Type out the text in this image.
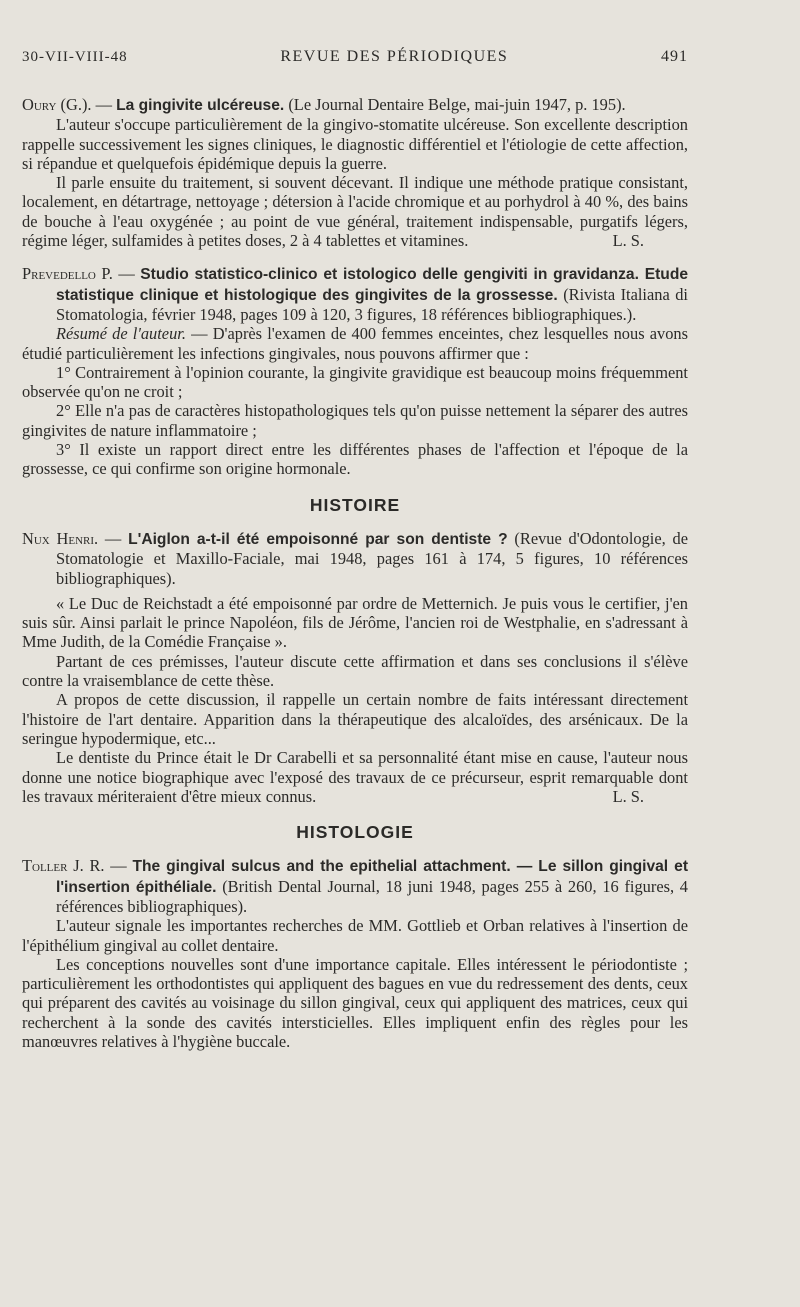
30-VII-VIII-48	REVUE DES PÉRIODIQUES	491

Oury (G.). — La gingivite ulcéreuse. (Le Journal Dentaire Belge, mai-juin 1947, p. 195).

L'auteur s'occupe particulièrement de la gingivo-stomatite ulcéreuse. Son excellente description rappelle successivement les signes cliniques, le diagnostic différentiel et l'étiologie de cette affection, si répandue et quelquefois épidémique depuis la guerre.

Il parle ensuite du traitement, si souvent décevant. Il indique une méthode pratique consistant, localement, en détartrage, nettoyage ; détersion à l'acide chromique et au porhydrol à 40 %, des bains de bouche à l'eau oxygénée ; au point de vue général, traitement indispensable, purgatifs légers, régime léger, sulfamides à petites doses, 2 à 4 tablettes et vitamines.	L. S.

Prevedello P. — Studio statistico-clinico et istologico delle gengiviti in gravidanza. Etude statistique clinique et histologique des gingivites de la grossesse. (Rivista Italiana di Stomatologia, février 1948, pages 109 à 120, 3 figures, 18 références bibliographiques.).

Résumé de l'auteur. — D'après l'examen de 400 femmes enceintes, chez lesquelles nous avons étudié particulièrement les infections gingivales, nous pouvons affirmer que :

1° Contrairement à l'opinion courante, la gingivite gravidique est beaucoup moins fréquemment observée qu'on ne croit ;

2° Elle n'a pas de caractères histopathologiques tels qu'on puisse nettement la séparer des autres gingivites de nature inflammatoire ;

3° Il existe un rapport direct entre les différentes phases de l'affection et l'époque de la grossesse, ce qui confirme son origine hormonale.

HISTOIRE

Nux Henri. — L'Aiglon a-t-il été empoisonné par son dentiste ? (Revue d'Odontologie, de Stomatologie et Maxillo-Faciale, mai 1948, pages 161 à 174, 5 figures, 10 références bibliographiques).

« Le Duc de Reichstadt a été empoisonné par ordre de Metternich. Je puis vous le certifier, j'en suis sûr. Ainsi parlait le prince Napoléon, fils de Jérôme, l'ancien roi de Westphalie, en s'adressant à Mme Judith, de la Comédie Française ».

Partant de ces prémisses, l'auteur discute cette affirmation et dans ses conclusions il s'élève contre la vraisemblance de cette thèse.

A propos de cette discussion, il rappelle un certain nombre de faits intéressant directement l'histoire de l'art dentaire. Apparition dans la thérapeutique des alcaloïdes, des arsénicaux. De la seringue hypodermique, etc...

Le dentiste du Prince était le Dr Carabelli et sa personnalité étant mise en cause, l'auteur nous donne une notice biographique avec l'exposé des travaux de ce précurseur, esprit remarquable dont les travaux mériteraient d'être mieux connus.	L. S.

HISTOLOGIE

Toller J. R. — The gingival sulcus and the epithelial attachment. — Le sillon gingival et l'insertion épithéliale. (British Dental Journal, 18 juni 1948, pages 255 à 260, 16 figures, 4 références bibliographiques).

L'auteur signale les importantes recherches de MM. Gottlieb et Orban relatives à l'insertion de l'épithélium gingival au collet dentaire.

Les conceptions nouvelles sont d'une importance capitale. Elles intéressent le périodontiste ; particulièrement les orthodontistes qui appliquent des bagues en vue du redressement des dents, ceux qui préparent des cavités au voisinage du sillon gingival, ceux qui appliquent des matrices, ceux qui recherchent à la sonde des cavités intersticielles. Elles impliquent enfin des règles pour les manœuvres relatives à l'hygiène buccale.
